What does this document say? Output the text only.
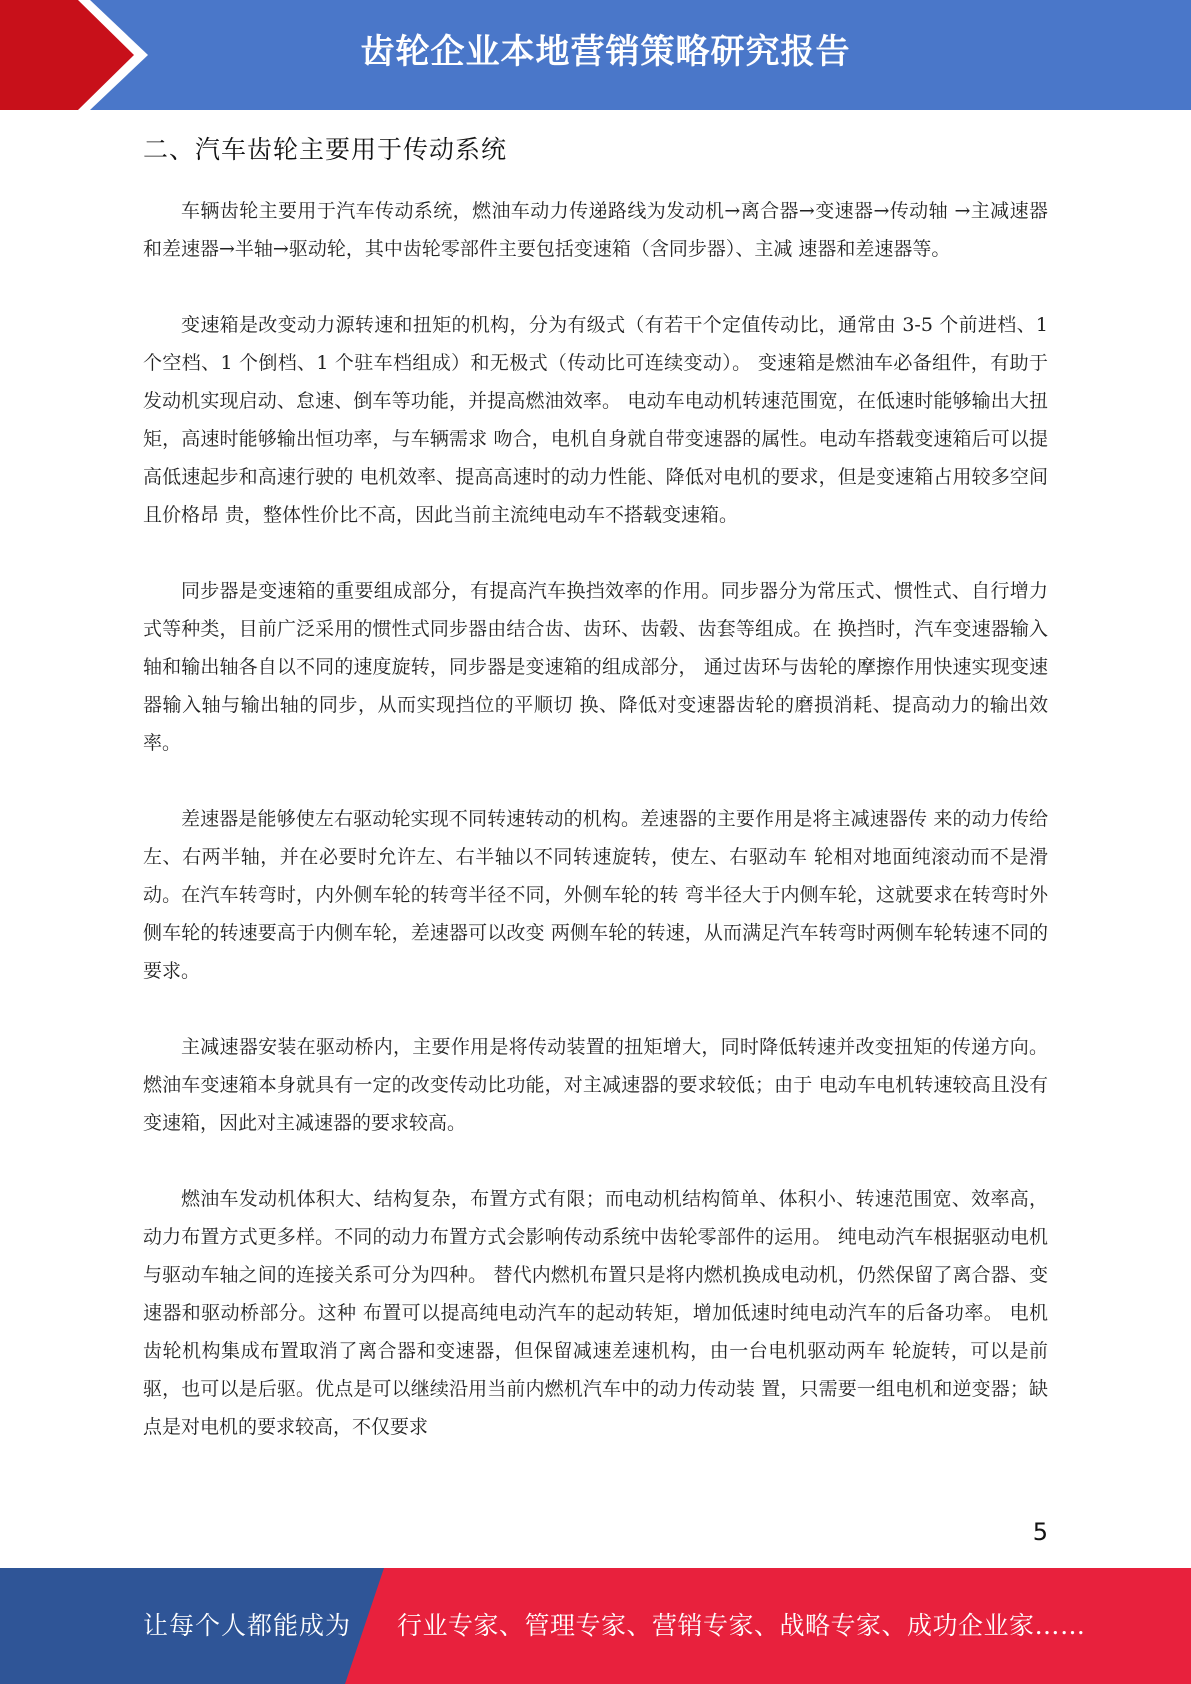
齿轮企业本地营销策略研究报告
二、汽车齿轮主要用于传动系统

车辆齿轮主要用于汽车传动系统，燃油车动力传递路线为发动机→离合器→变速器→传动轴 →主减速器和差速器→半轴→驱动轮，其中齿轮零部件主要包括变速箱（含同步器）、主减 速器和差速器等。

变速箱是改变动力源转速和扭矩的机构，分为有级式（有若干个定值传动比，通常由 3-5 个前进档、1 个空档、1 个倒档、1 个驻车档组成）和无极式（传动比可连续变动）。 变速箱是燃油车必备组件，有助于发动机实现启动、怠速、倒车等功能，并提高燃油效率。 电动车电动机转速范围宽，在低速时能够输出大扭矩，高速时能够输出恒功率，与车辆需求 吻合，电机自身就自带变速器的属性。电动车搭载变速箱后可以提高低速起步和高速行驶的 电机效率、提高高速时的动力性能、降低对电机的要求，但是变速箱占用较多空间且价格昂 贵，整体性价比不高，因此当前主流纯电动车不搭载变速箱。

同步器是变速箱的重要组成部分，有提高汽车换挡效率的作用。同步器分为常压式、惯性式、自行增力式等种类，目前广泛采用的惯性式同步器由结合齿、齿环、齿毂、齿套等组成。在 换挡时，汽车变速器输入轴和输出轴各自以不同的速度旋转，同步器是变速箱的组成部分， 通过齿环与齿轮的摩擦作用快速实现变速器输入轴与输出轴的同步，从而实现挡位的平顺切 换、降低对变速器齿轮的磨损消耗、提高动力的输出效率。

差速器是能够使左右驱动轮实现不同转速转动的机构。差速器的主要作用是将主减速器传 来的动力传给左、右两半轴，并在必要时允许左、右半轴以不同转速旋转，使左、右驱动车 轮相对地面纯滚动而不是滑动。在汽车转弯时，内外侧车轮的转弯半径不同，外侧车轮的转 弯半径大于内侧车轮，这就要求在转弯时外侧车轮的转速要高于内侧车轮，差速器可以改变 两侧车轮的转速，从而满足汽车转弯时两侧车轮转速不同的要求。

主减速器安装在驱动桥内，主要作用是将传动装置的扭矩增大，同时降低转速并改变扭矩的传递方向。燃油车变速箱本身就具有一定的改变传动比功能，对主减速器的要求较低；由于 电动车电机转速较高且没有变速箱，因此对主减速器的要求较高。

燃油车发动机体积大、结构复杂，布置方式有限；而电动机结构简单、体积小、转速范围宽、效率高，动力布置方式更多样。不同的动力布置方式会影响传动系统中齿轮零部件的运用。 纯电动汽车根据驱动电机与驱动车轴之间的连接关系可分为四种。 替代内燃机布置只是将内燃机换成电动机，仍然保留了离合器、变速器和驱动桥部分。这种 布置可以提高纯电动汽车的起动转矩，增加低速时纯电动汽车的后备功率。 电机齿轮机构集成布置取消了离合器和变速器，但保留减速差速机构，由一台电机驱动两车 轮旋转，可以是前驱，也可以是后驱。优点是可以继续沿用当前内燃机汽车中的动力传动装 置，只需要一组电机和逆变器；缺点是对电机的要求较高，不仅要求

5
让每个人都能成为 行业专家、管理专家、营销专家、战略专家、成功企业家……
